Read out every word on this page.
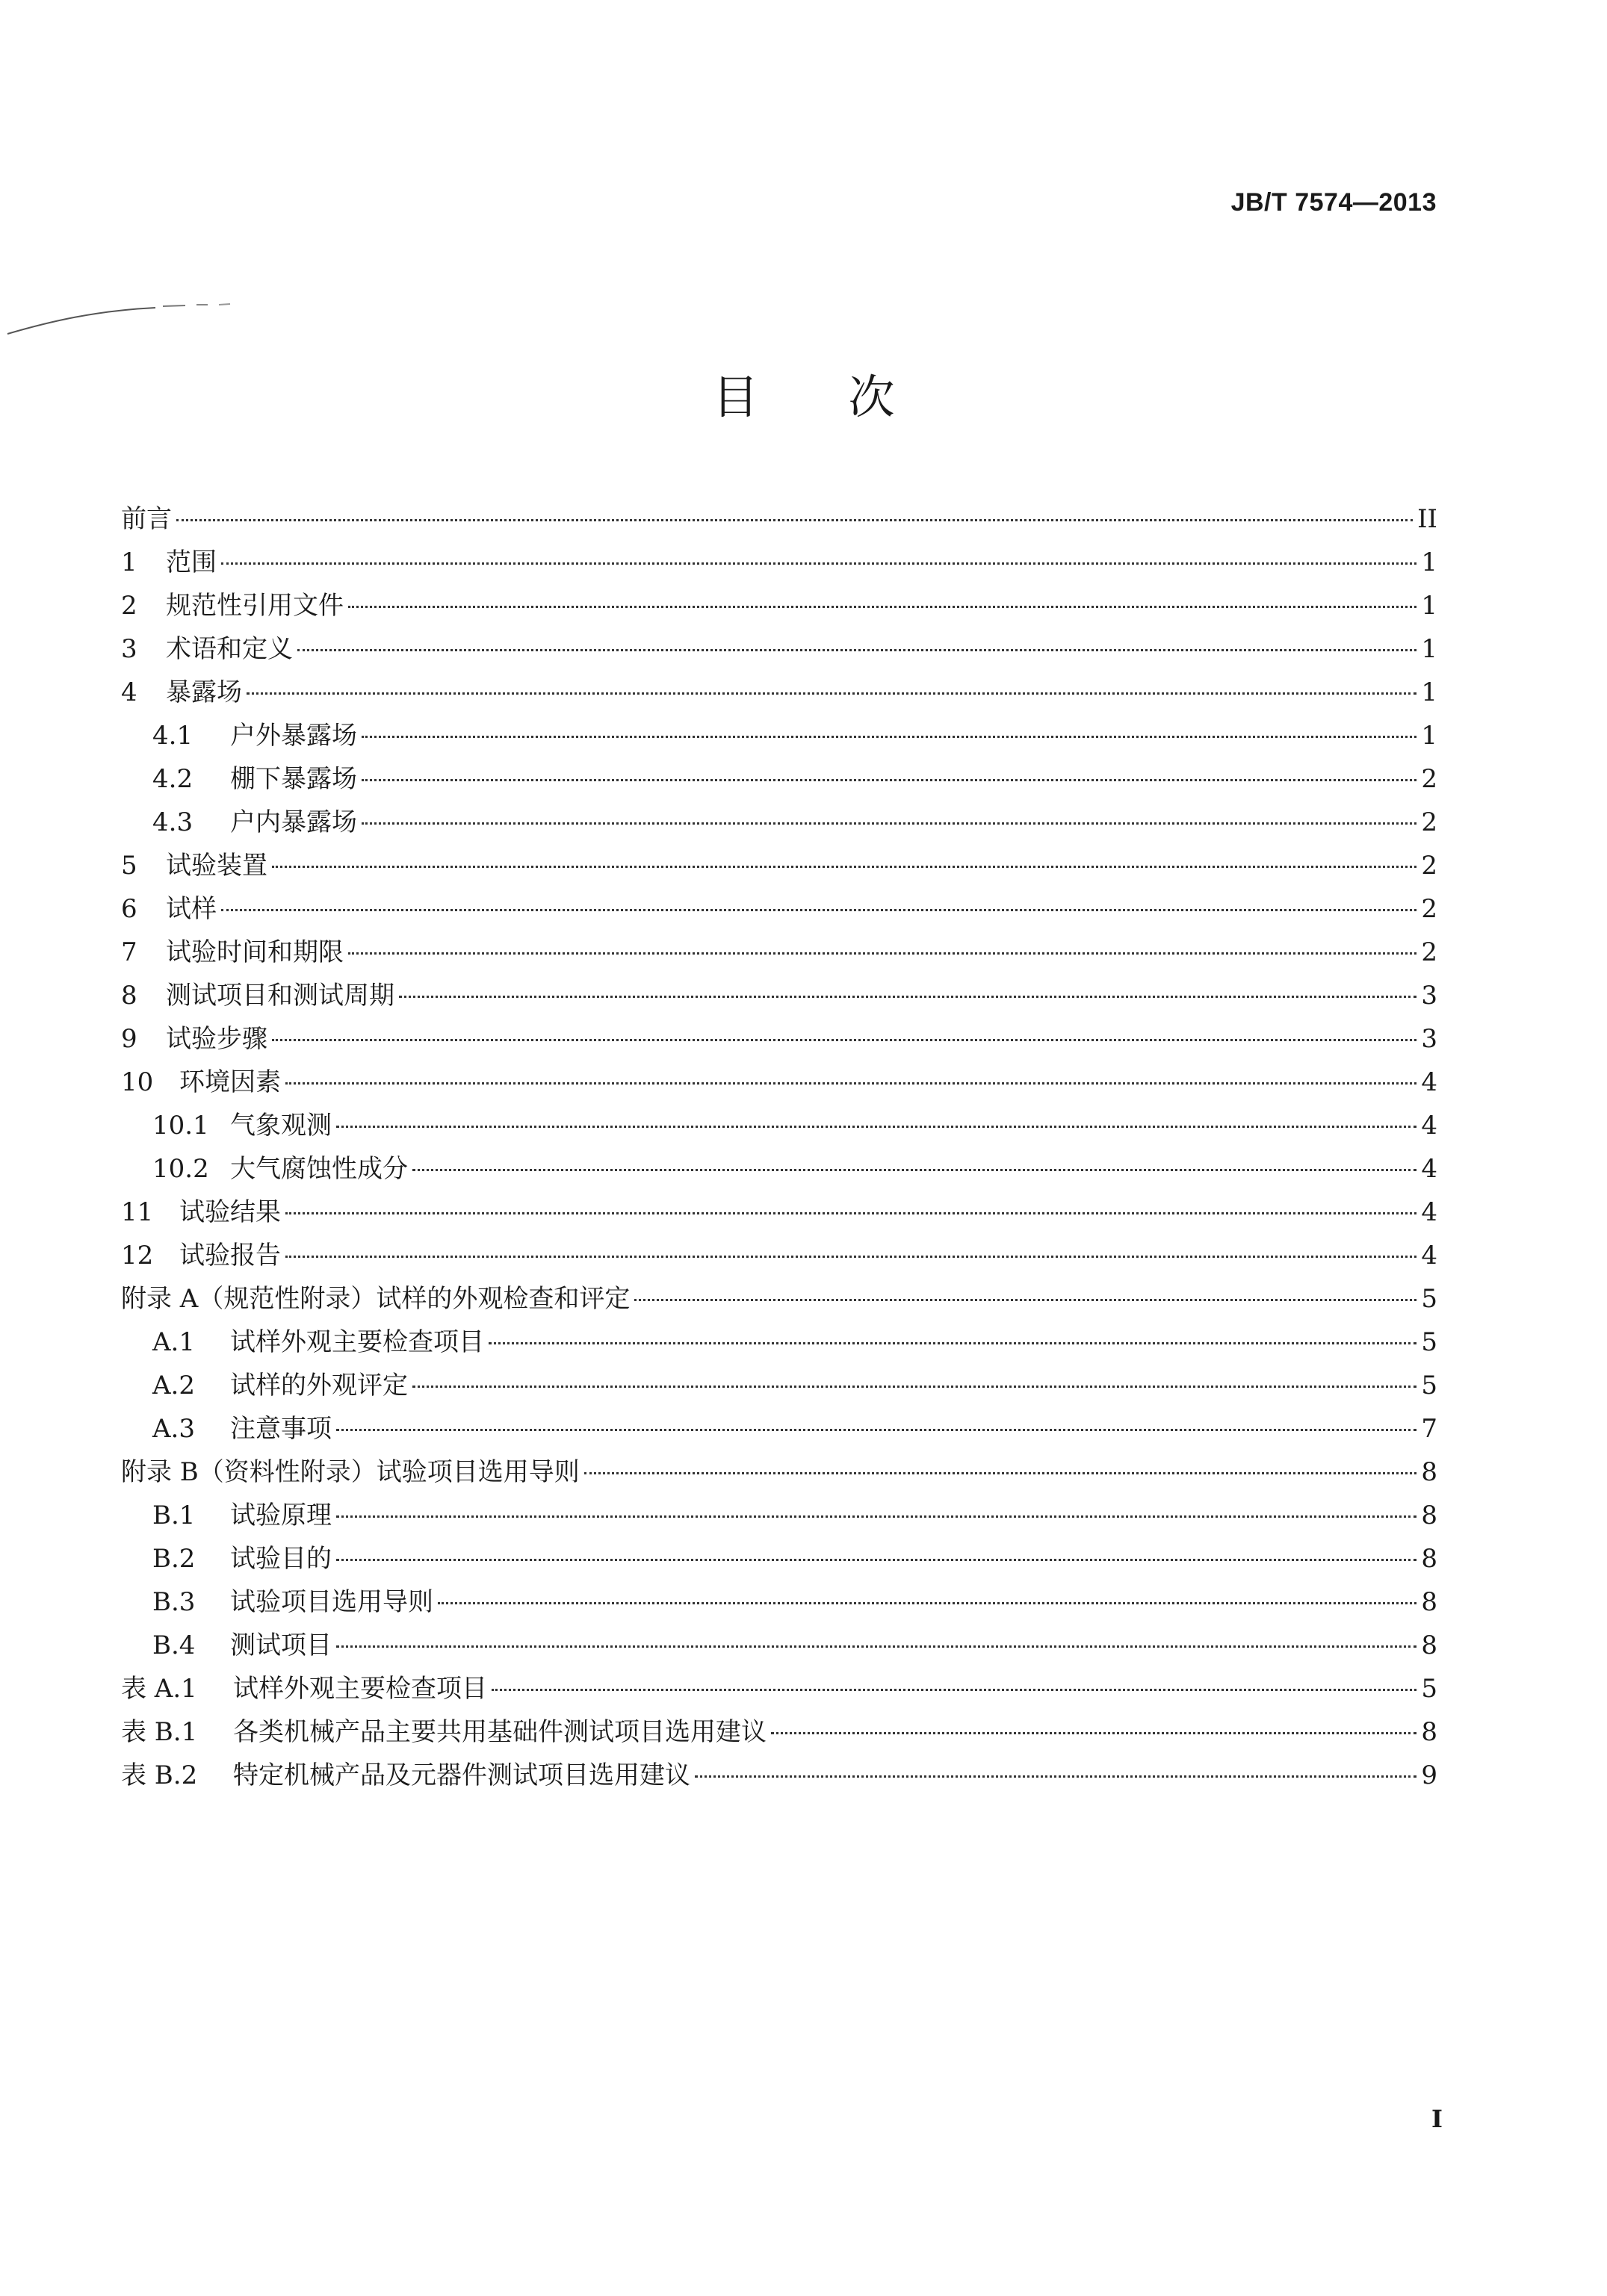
JB/T 7574—2013
目次
前言	II
1	范围	1
2	规范性引用文件	1
3	术语和定义	1
4	暴露场	1
4.1	户外暴露场	1
4.2	棚下暴露场	2
4.3	户内暴露场	2
5	试验装置	2
6	试样	2
7	试验时间和期限	2
8	测试项目和测试周期	3
9	试验步骤	3
10	环境因素	4
10.1 气象观测	4
10.2 大气腐蚀性成分	4
11	试验结果	4
12	试验报告	4
附录 A（规范性附录）试样的外观检查和评定	5
A.1	试样外观主要检查项目	5
A.2	试样的外观评定	5
A.3	注意事项	7
附录 B（资料性附录）试验项目选用导则	8
B.1	试验原理	8
B.2	试验目的	8
B.3	试验项目选用导则	8
B.4	测试项目	8
表 A.1	试样外观主要检查项目	5
表 B.1	各类机械产品主要共用基础件测试项目选用建议	8
表 B.2	特定机械产品及元器件测试项目选用建议	9
I
